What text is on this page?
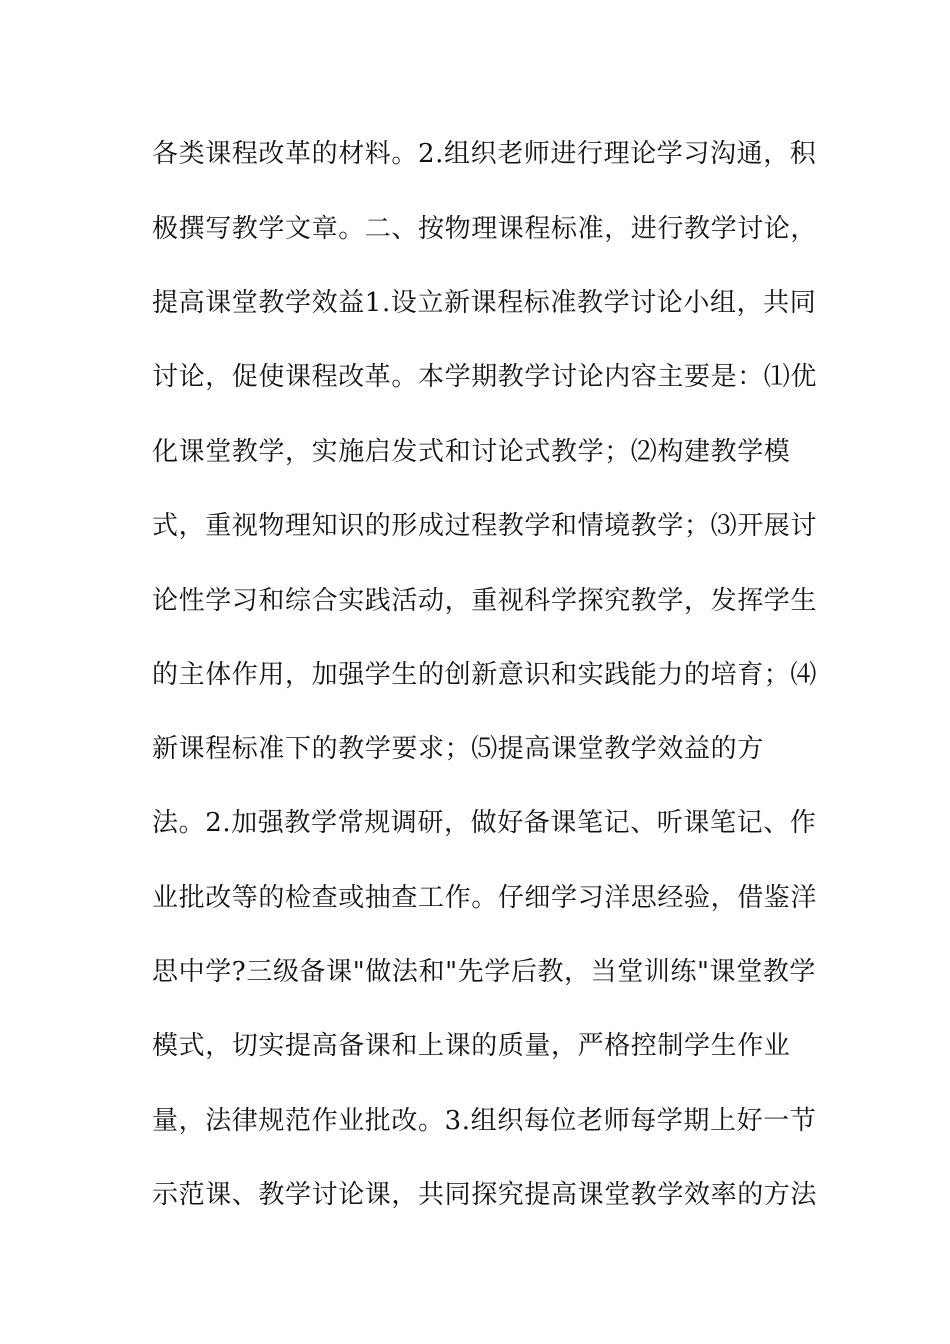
各类课程改革的材料。2.组织老师进行理论学习沟通，积
极撰写教学文章。二、按物理课程标准，进行教学讨论，
提高课堂教学效益1.设立新课程标准教学讨论小组，共同
讨论，促使课程改革。本学期教学讨论内容主要是：⑴优
化课堂教学，实施启发式和讨论式教学；⑵构建教学模
式，重视物理知识的形成过程教学和情境教学；⑶开展讨
论性学习和综合实践活动，重视科学探究教学，发挥学生
的主体作用，加强学生的创新意识和实践能力的培育；⑷
新课程标准下的教学要求；⑸提高课堂教学效益的方
法。2.加强教学常规调研，做好备课笔记、听课笔记、作
业批改等的检查或抽查工作。仔细学习洋思经验，借鉴洋
思中学?三级备课"做法和"先学后教，当堂训练"课堂教学
模式，切实提高备课和上课的质量，严格控制学生作业
量，法律规范作业批改。3.组织每位老师每学期上好一节
示范课、教学讨论课，共同探究提高课堂教学效率的方法
